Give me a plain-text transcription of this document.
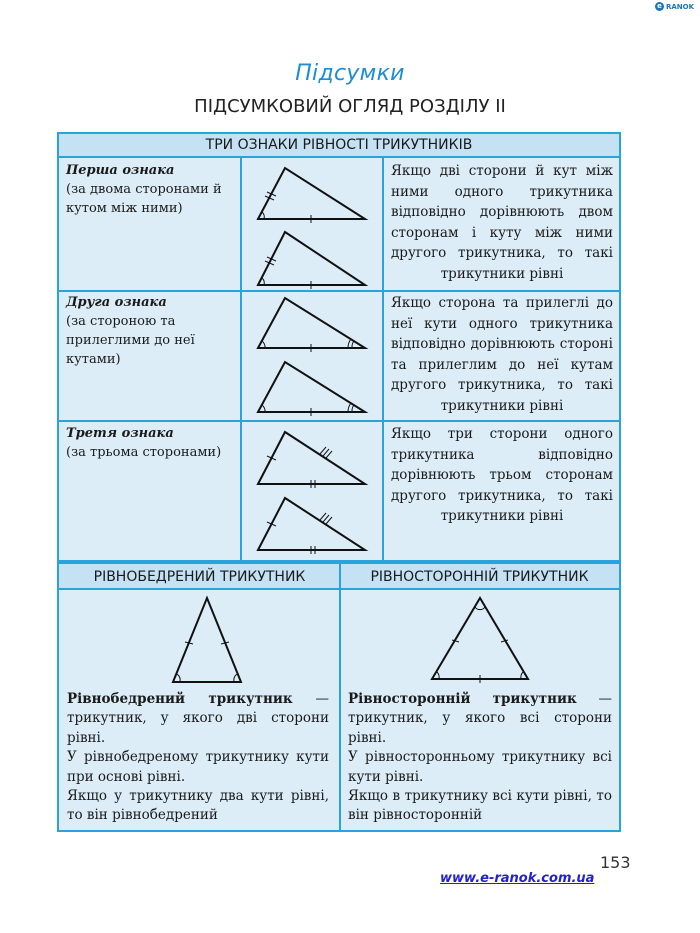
e RANOK
Підсумки
ПІДСУМКОВИЙ ОГЛЯД РОЗДІЛУ ІІ
ТРИ ОЗНАКИ РІВНОСТІ ТРИКУТНИКІВ
Перша ознака
(за двома сторонами й кутом між ними)
Якщо дві сторони й кут між ними одного трикутника відповідно дорівнюють двом сторонам і куту між ними другого трикутника, то такі трикутники рівні
Друга ознака
(за стороною та прилеглими до неї кутами)
Якщо сторона та прилеглі до неї кути одного трикутника відповідно дорівнюють стороні та прилеглим до неї кутам другого трикутника, то такі трикутники рівні
Третя ознака
(за трьома сторонами)
Якщо три сторони одного трикутника відповідно дорівнюють трьом сторонам другого трикутника, то такі трикутники рівні
РІВНОБЕДРЕНИЙ ТРИКУТНИК	РІВНОСТОРОННІЙ ТРИКУТНИК

Рівнобедрений трикутник — трикутник, у якого дві сторони рівні.

У рівнобедреному трикутнику кути при основі рівні.

Якщо у трикутнику два кути рівні, то він рівнобедрений

Рівносторонній трикутник — трикутник, у якого всі сторони рівні.

У рівносторонньому трикутнику всі кути рівні.

Якщо в трикутнику всі кути рівні, то він рівносторонній

153
www.e-ranok.com.ua
